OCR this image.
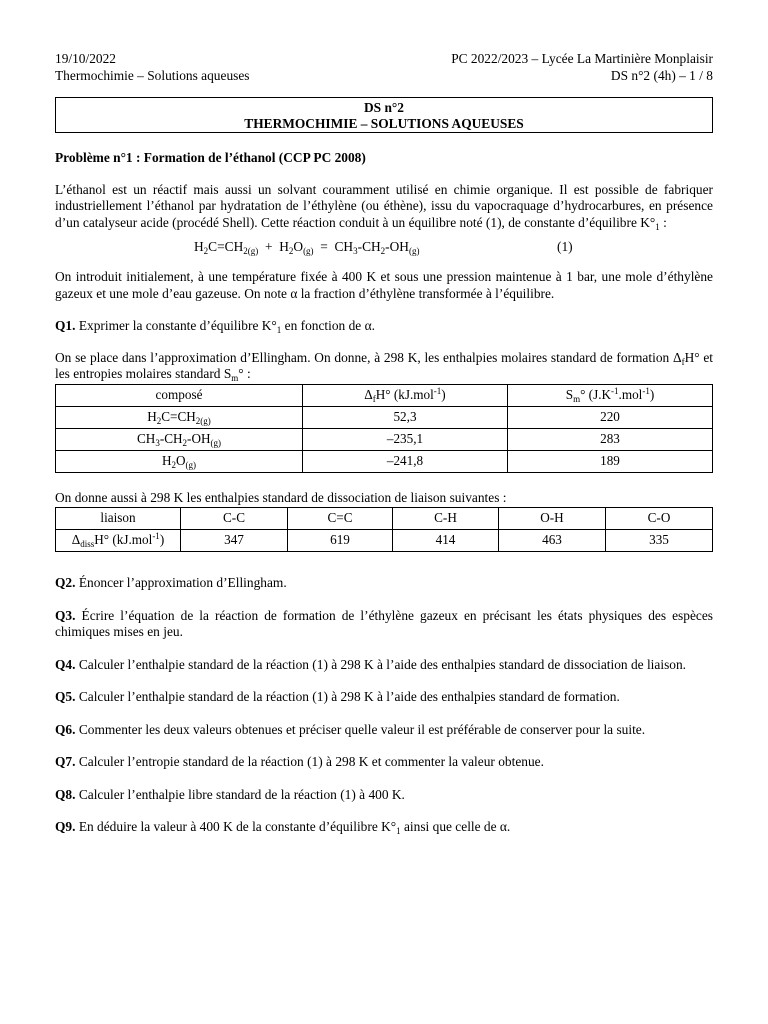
19/10/2022	PC 2022/2023 – Lycée La Martinière Monplaisir
Thermochimie – Solutions aqueuses	DS n°2 (4h) – 1 / 8
DS n°2
THERMOCHIMIE – SOLUTIONS AQUEUSES
Problème n°1 : Formation de l’éthanol (CCP PC 2008)

L’éthanol est un réactif mais aussi un solvant couramment utilisé en chimie organique. Il est possible de fabriquer industriellement l’éthanol par hydratation de l’éthylène (ou éthène), issu du vapocraquage d’hydrocarbures, en présence d’un catalyseur acide (procédé Shell). Cette réaction conduit à un équilibre noté (1), de constante d’équilibre $K^\circ_1$ :

$H_2C=CH_{2(g)} + H_2O_{(g)} = CH_3-CH_2-OH_{(g)}$	(1)

On introduit initialement, à une température fixée à 400 K et sous une pression maintenue à 1 bar, une mole d’éthylène gazeux et une mole d’eau gazeuse. On note α la fraction d’éthylène transformée à l’équilibre.

Q1. Exprimer la constante d’équilibre $K^\circ_1$ en fonction de α.

On se place dans l’approximation d’Ellingham. On donne, à 298 K, les enthalpies molaires standard de formation $\Delta_fH^\circ$ et les entropies molaires standard $S_m^\circ$ :

composé	$\Delta_fH^\circ$ (kJ.mol$^{-1}$)	$S_m^\circ$ $(J.K^{-1}.mol^{-1})$
$H_2C=CH_{2(g)}$	52,3	220
$CH_3-CH_2-OH_{(g)}$	–235,1	283
$H_2O_{(g)}$	–241,8	189

On donne aussi à 298 K les enthalpies standard de dissociation de liaison suivantes :

liaison	C-C	C=C	C-H	O-H	C-O
$\Delta_{diss}H^\circ$ (kJ.mol$^{-1}$)	347	619	414	463	335

Q2. Énoncer l’approximation d’Ellingham.

Q3. Écrire l’équation de la réaction de formation de l’éthylène gazeux en précisant les états physiques des espèces chimiques mises en jeu.

Q4. Calculer l’enthalpie standard de la réaction (1) à 298 K à l’aide des enthalpies standard de dissociation de liaison.

Q5. Calculer l’enthalpie standard de la réaction (1) à 298 K à l’aide des enthalpies standard de formation.

Q6. Commenter les deux valeurs obtenues et préciser quelle valeur il est préférable de conserver pour la suite.

Q7. Calculer l’entropie standard de la réaction (1) à 298 K et commenter la valeur obtenue.

Q8. Calculer l’enthalpie libre standard de la réaction (1) à 400 K.

Q9. En déduire la valeur à 400 K de la constante d’équilibre $K^\circ_1$ ainsi que celle de α.
